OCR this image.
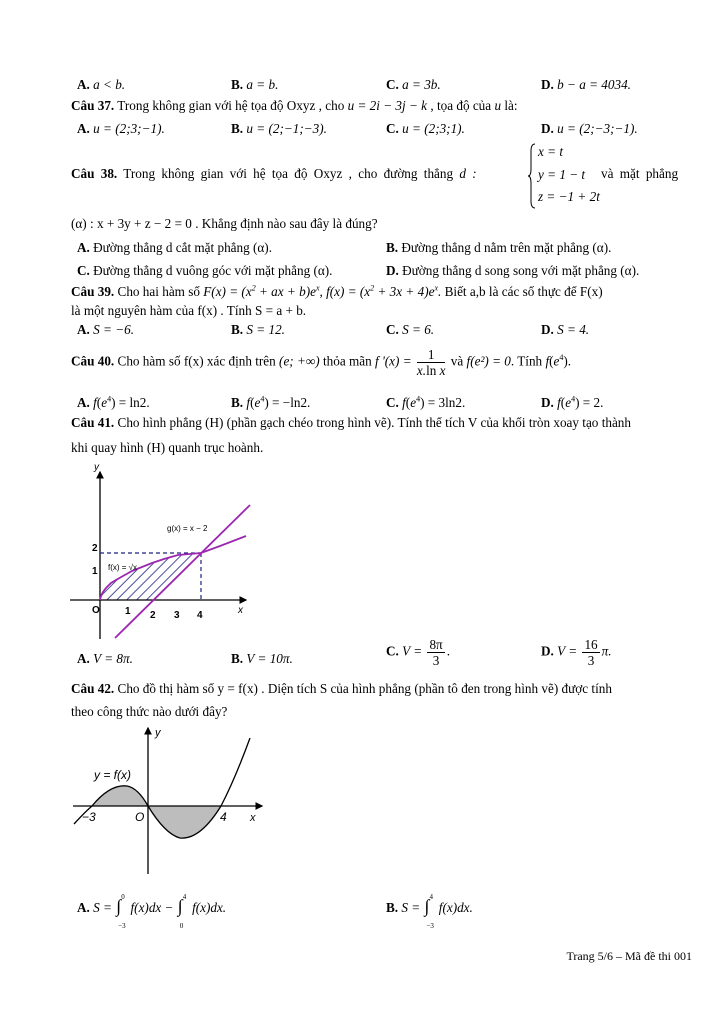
A. a < b.	B. a = b.	C. a = 3b.	D. b − a = 4034.
Câu 37. Trong không gian với hệ tọa độ Oxyz , cho u = 2i − 3j − k , tọa độ của u là:
A. u = (2;3;−1).	B. u = (2;−1;−3).	C. u = (2;3;1).	D. u = (2;−3;−1).
Câu 38. Trong không gian với hệ tọa độ Oxyz , cho đường thẳng d :
x = t
y = 1 − t
z = −1 + 2t
và mặt phẳng
(α) : x + 3y + z − 2 = 0 . Khẳng định nào sau đây là đúng?
A. Đường thẳng d cắt mặt phẳng (α).	B. Đường thẳng d nằm trên mặt phẳng (α).
C. Đường thẳng d vuông góc với mặt phẳng (α).	D. Đường thẳng d song song với mặt phẳng (α).
Câu 39. Cho hai hàm số $F(x) = (x^2$ + ax + $b)e^x$, $f(x) = (x^2 + 3x + 4)e^x$. Biết a,b là các số thực để F(x)
là một nguyên hàm của f(x) . Tính S = a + b.
A. S = −6.	B. S = 12.	C. S = 6.	D. S = 4.
Câu 40. Cho hàm số f(x) xác định trên (e; +∞) thỏa mãn f '$(x) = \frac{1}{\text{x.ln x}}$ và f(e²) = 0. Tính $f(e^4)$.
A. $f(e^4) = \ln 2$.	B. $f(e^4) = -\ln 2$.	C. $f(e^4) = 3\ln 2$.	D. $f(e^4) = 2$.
Câu 41. Cho hình phẳng (H) (phần gạch chéo trong hình vẽ). Tính thể tích V của khối tròn xoay tạo thành
khi quay hình (H) quanh trục hoành.
y
x
O
g(x) = x − 2
f(x) = √x
1 2 3 4
1
2
A. V = 8π.	B. V = 10π.	C. $V = \frac{8\pi}{3}$ .	D. $V = \frac{16}{3} \pi$.
Câu 42. Cho đồ thị hàm số y = f(x) . Diện tích S của hình phẳng (phần tô đen trong hình vẽ) được tính
theo công thức nào dưới đây?
y
x
O
y = f(x)
−3	4
A. S = ∫ 0
−3
f(x)dx − ∫ 4
0
f(x)dx.	B. S = ∫ 4
−3
f(x)dx.
Trang 5/6 – Mã đề thi 001
